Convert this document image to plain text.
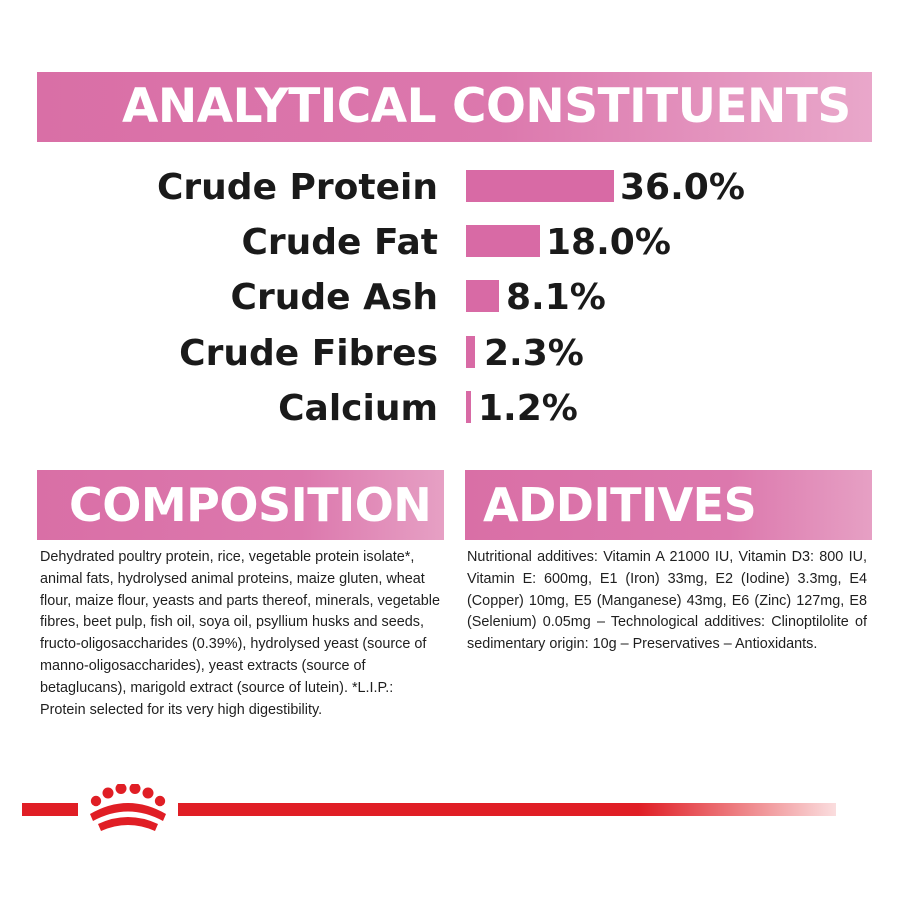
ANALYTICAL CONSTITUENTS
Crude Protein	36.0%
Crude Fat	18.0%
Crude Ash 8.1%
Crude Fibres 2.3%
Calcium 1.2%
COMPOSITION

Dehydrated poultry protein, rice, vegetable protein isolate*, animal fats, hydrolysed animal proteins, maize gluten, wheat flour, maize flour, yeasts and parts thereof, minerals, vegetable fibres, beet pulp, fish oil, soya oil, psyllium husks and seeds, fructo-oligosaccharides (0.39%), hydrolysed yeast (source of manno-oligosaccharides), yeast extracts (source of betaglucans), marigold extract (source of lutein). *L.I.P.: Protein selected for its very high digestibility.

ADDITIVES

Nutritional additives: Vitamin A 21000 IU, Vitamin D3: 800 IU, Vitamin E: 600mg, E1 (Iron) 33mg, E2 (Iodine) 3.3mg, E4 (Copper) 10mg, E5 (Manganese) 43mg, E6 (Zinc) 127mg, E8 (Selenium) 0.05mg – Technological additives: Clinoptilolite of sedimentary origin: 10g – Preservatives – Antioxidants.
